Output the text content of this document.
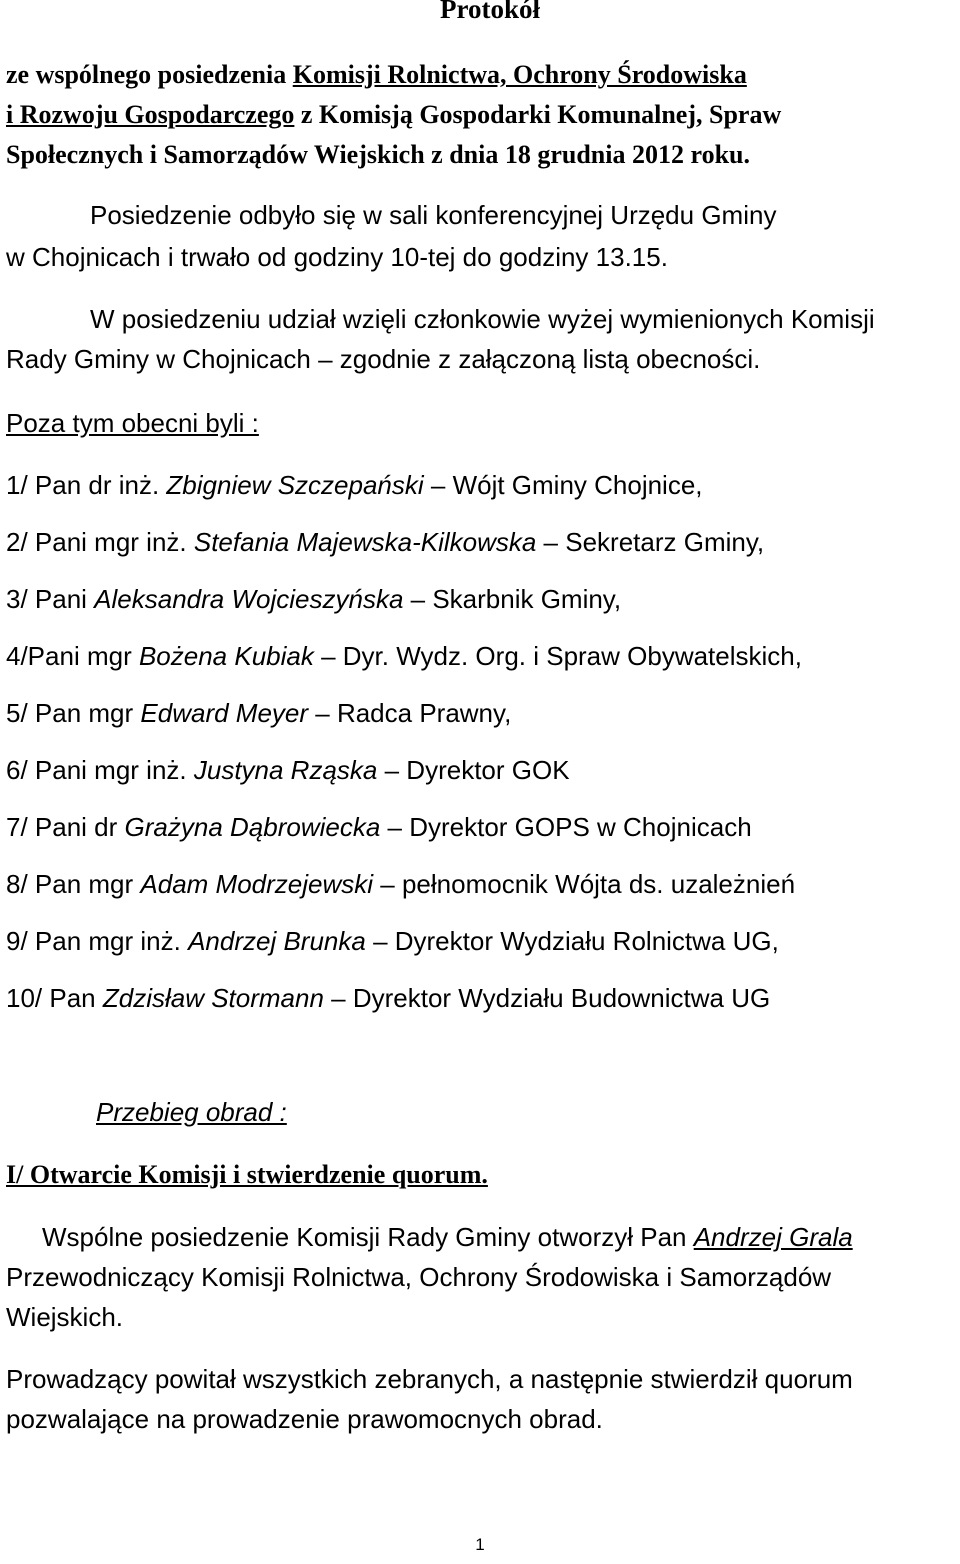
Protokół
ze wspólnego posiedzenia Komisji Rolnictwa, Ochrony Środowiska
i Rozwoju Gospodarczego z Komisją Gospodarki Komunalnej, Spraw
Społecznych i Samorządów Wiejskich z dnia 18 grudnia 2012 roku.
Posiedzenie odbyło się w sali konferencyjnej Urzędu Gminy
w Chojnicach i trwało od godziny 10-tej do godziny 13.15.
W posiedzeniu udział wzięli członkowie wyżej wymienionych Komisji
Rady Gminy w Chojnicach – zgodnie z załączoną listą obecności.
Poza tym obecni byli :
1/ Pan dr inż. Zbigniew Szczepański – Wójt Gminy Chojnice,
2/ Pani mgr inż. Stefania Majewska-Kilkowska – Sekretarz Gminy,
3/ Pani Aleksandra Wojcieszyńska – Skarbnik Gminy,
4/Pani mgr Bożena Kubiak – Dyr. Wydz. Org. i Spraw Obywatelskich,
5/ Pan mgr Edward Meyer – Radca Prawny,
6/ Pani mgr inż. Justyna Rząska – Dyrektor GOK
7/ Pani dr Grażyna Dąbrowiecka – Dyrektor GOPS w Chojnicach
8/ Pan mgr Adam Modrzejewski – pełnomocnik Wójta ds. uzależnień
9/ Pan mgr inż. Andrzej Brunka – Dyrektor Wydziału Rolnictwa UG,
10/ Pan Zdzisław Stormann – Dyrektor Wydziału Budownictwa UG
Przebieg obrad :
I/ Otwarcie Komisji i stwierdzenie quorum.
Wspólne posiedzenie Komisji Rady Gminy otworzył Pan Andrzej Grala
Przewodniczący Komisji Rolnictwa, Ochrony Środowiska i Samorządów
Wiejskich.
Prowadzący powitał wszystkich zebranych, a następnie stwierdził quorum
pozwalające na prowadzenie prawomocnych obrad.
1
